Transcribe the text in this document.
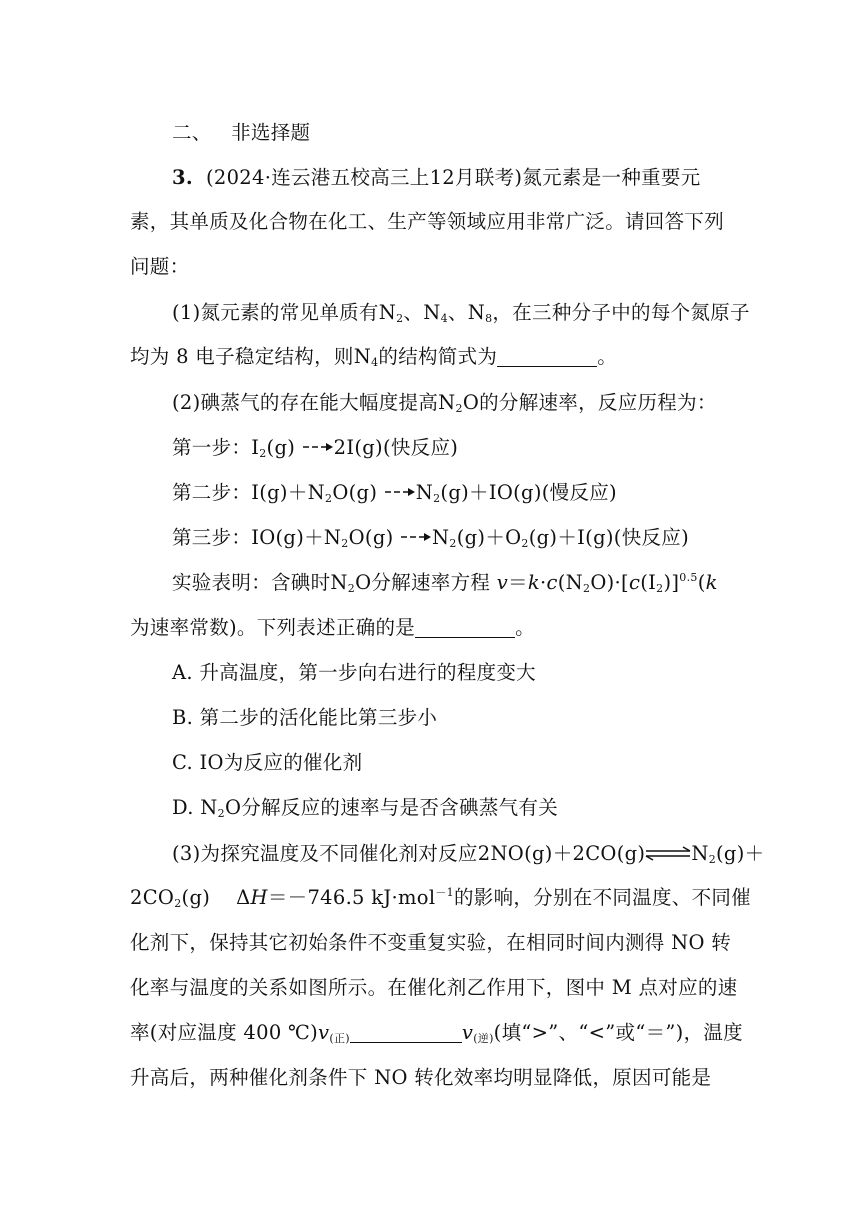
二、 非选择题
3. (2024·连云港五校高三上12月联考)氮元素是一种重要元
素，其单质及化合物在化工、生产等领域应用非常广泛。请回答下列
问题：
(1)氮元素的常见单质有$N_2$、$N_4$、$N_8$，在三种分子中的每个氮原子
均为 8 电子稳定结构，则$N_4$的结构简式为	。
(2)碘蒸气的存在能大幅度提高$N_2O$的分解速率，反应历程为：
第一步：$I_2(g) \to 2I(g)$(快反应)
第二步：$I(g)+N_2O(g) \to N_2(g)+IO(g)$(慢反应)
第三步：$IO(g)+N_2O(g) \to N_2(g)+O_2(g)+I(g)$(快反应)
实验表明：含碘时$N_2O$分解速率方程 $v=k\cdot c(N_2O)\cdot[c(I_2)]^{0.5}(k$
为速率常数)。下列表述正确的是	。
A. 升高温度，第一步向右进行的程度变大
B. 第二步的活化能比第三步小
C. IO为反应的催化剂
D. $N_2O$分解反应的速率与是否含碘蒸气有关
(3)为探究温度及不同催化剂对反应$2NO(g)+2CO(g)\rightleftharpoons N_2(g)+$
$2CO_2(g)$ ΔH＝－746.5 kJ·mol$^{-1}$的影响，分别在不同温度、不同催
化剂下，保持其它初始条件不变重复实验，在相同时间内测得 NO 转
化率与温度的关系如图所示。在催化剂乙作用下，图中 M 点对应的速
率(对应温度 400 $℃)v_{(正)}$	$v_{(逆)}$(填“>”、“<”或“＝”)，温度
升高后，两种催化剂条件下 NO 转化效率均明显降低，原因可能是
